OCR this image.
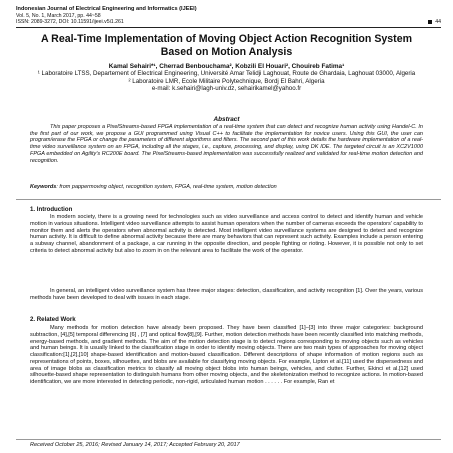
Indonesian Journal of Electrical Engineering and Informatics (IJEEI)
Vol. 5, No. 1, March 2017, pp. 44~58
ISSN: 2089-3272, DOI: 10.11591/ijeei.v5i1.261	44
A Real-Time Implementation of Moving Object Action Recognition System Based on Motion Analysis
Kamal Sehairi*¹, Cherrad Benbouchama², Kobzili El Houari², Chouireb Fatima¹
¹ Laboratoire LTSS, Departement of Electrical Engineering, Université Amar Telidji Laghouat, Route de Ghardaia, Laghouat 03000, Algeria
² Laboratoire LMR, Ecole Militaire Polytechnique, Bordj El Bahri, Algeria
e-mail: k.sehairi@lagh-univ.dz, sehairikamel@yahoo.fr
Abstract
This paper proposes a PixelStreams-based FPGA implementation of a real-time system that can detect and recognize human activity using Handel-C. In the first part of our work, we propose a GUI programmed using Visual C++ to facilitate the implementation for novice users. Using this GUI, the user can program/erase the FPGA or change the parameters of different algorithms and filters. The second part of this work details the hardware implementation of a real-time video surveillance system on an FPGA, including all the stages, i.e., capture, processing, and display, using DK IDE. The targeted circuit is an XC2V1000 FPGA embedded on Agility's RC200E board. The PixelStreams-based implementation was successfully realized and validated for real-time motion detection and recognition.
Keywords: from pappermoving object, recognition system, FPGA, real-time system, motion detection
1. Introduction
In modern society, there is a growing need for technologies such as video surveillance and access control to detect and identify human and vehicle motion in various situations. Intelligent video surveillance attempts to assist human operators when the number of cameras exceeds the operators' capability to monitor them and alerts the operators when abnormal activity is detected. Most intelligent video surveillance systems are designed to detect and recognize human activity. It is difficult to define abnormal activity because there are many behaviors that can represent such activity. Examples include a person entering a subway channel, abandonment of a package, a car running in the opposite direction, and people fighting or rioting. However, it is possible not only to set criteria to detect abnormal activity but also to zoom in on the relevant area to facilitate the work of the operator.
In general, an intelligent video surveillance system has three major stages: detection, classification, and activity recognition [1]. Over the years, various methods have been developed to deal with issues in each stage.
2. Related Work
Many methods for motion detection have already been proposed. They have been classified [1]–[3] into three major categories: background subtraction, [4],[5] temporal differencing [6] , [7] and optical flow[8],[9]. Further, motion detection methods have been recently classified into matching methods, energy-based methods, and gradient methods. The aim of the motion detection stage is to detect regions corresponding to moving objects such as vehicles and human beings. It is usually linked to the classification stage in order to identify moving objects. There are two main types of approaches for moving object classification:[1],[2],[10] shape-based identification and motion-based classification. Different descriptions of shape information of motion regions such as representations of points, boxes, silhouettes, and blobs are available for classifying moving objects. For example, Lipton et al.[11] used the dispersedness and area of image blobs as classification metrics to classify all moving object blobs into human beings, vehicles, and clutter. Further, Ekinci et al.[12] used silhouette-based shape representation to distinguish humans from other moving objects, and the skeletonization method to recognize actions. In motion-based identification, we are more interested in detecting periodic, non-rigid, articulated human motion . . . . . . For example, Ran et
Received October 25, 2016; Revised January 14, 2017; Accepted February 20, 2017
